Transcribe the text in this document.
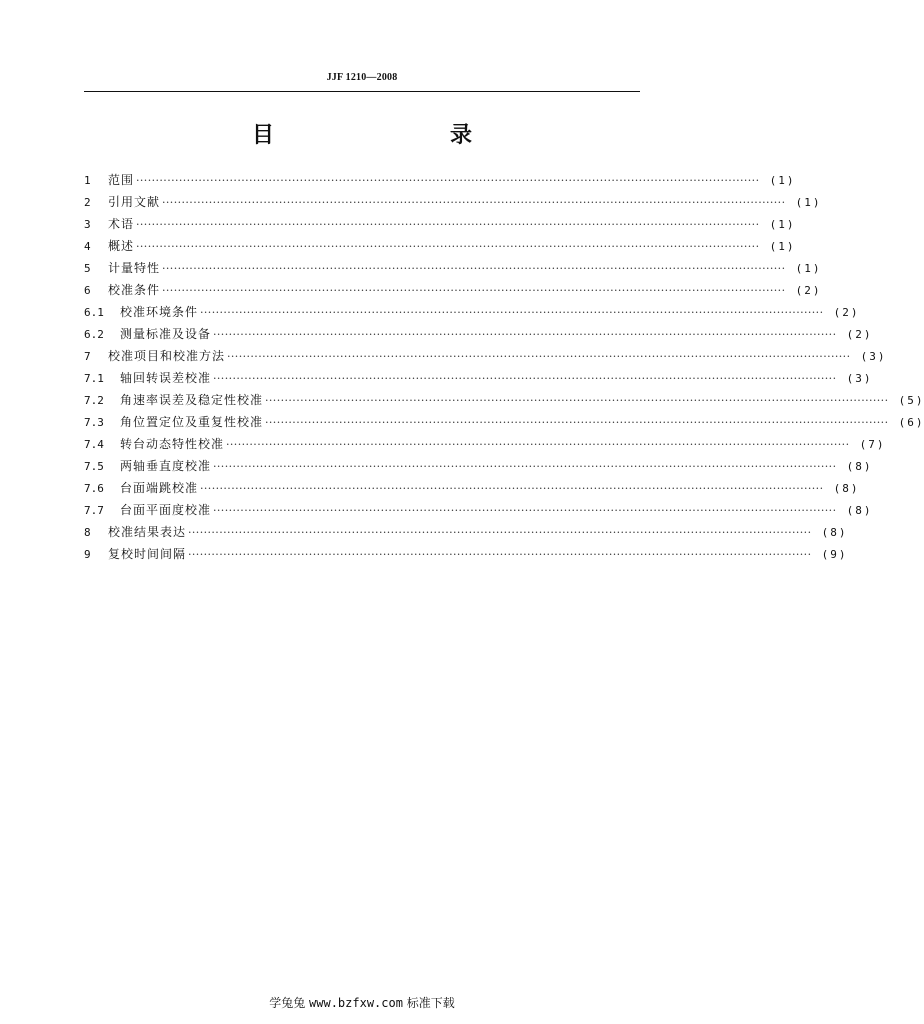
JJF 1210—2008
目　　录
1	范围 ································································································································································ (1)
2	引用文献 ································································································································································ (1)
3	术语 ································································································································································ (1)
4	概述 ································································································································································ (1)
5	计量特性 ································································································································································ (1)
6	校准条件 ································································································································································ (2)
6.1	校准环境条件 ································································································································································ (2)
6.2	测量标准及设备 ································································································································································ (2)
7	校准项目和校准方法 ································································································································································ (3)
7.1	轴回转误差校准 ································································································································································ (3)
7.2	角速率误差及稳定性校准 ································································································································································ (5)
7.3	角位置定位及重复性校准 ································································································································································ (6)
7.4	转台动态特性校准 ································································································································································ (7)
7.5	两轴垂直度校准 ································································································································································ (8)
7.6	台面端跳校准 ································································································································································ (8)
7.7	台面平面度校准 ································································································································································ (8)
8	校准结果表达 ································································································································································ (8)
9	复校时间间隔 ································································································································································ (9)
学兔兔 www.bzfxw.com 标准下载
